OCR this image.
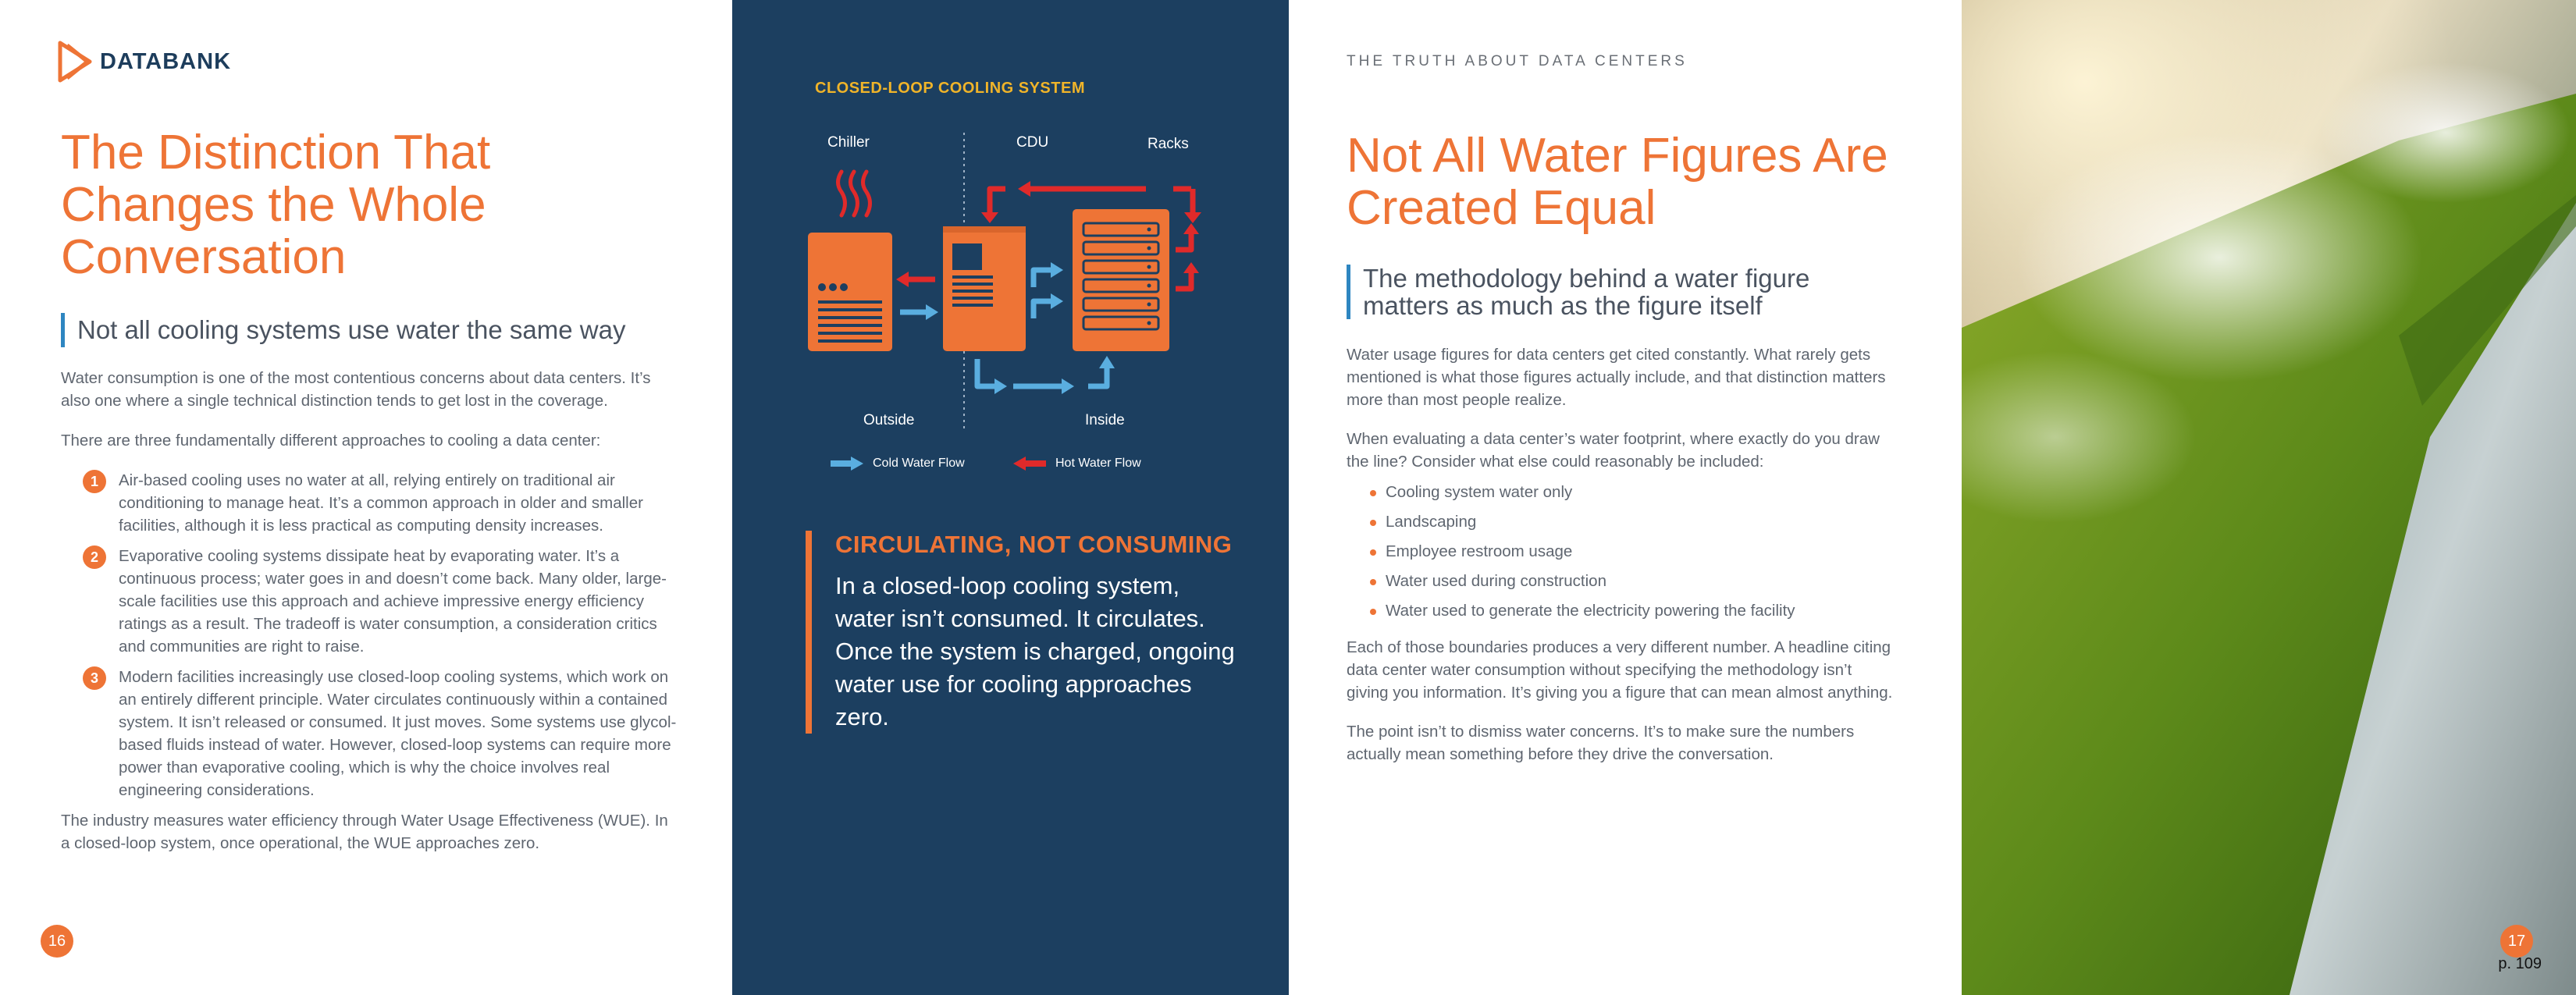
DATABANK
The Distinction That Changes the Whole Conversation
Not all cooling systems use water the same way

Water consumption is one of the most contentious concerns about data centers. It’s also one where a single technical distinction tends to get lost in the coverage.

There are three fundamentally different approaches to cooling a data center:

1	Air-based cooling uses no water at all, relying entirely on traditional air conditioning to manage heat. It’s a common approach in older and smaller facilities, although it is less practical as computing density increases.
2	Evaporative cooling systems dissipate heat by evaporating water. It’s a continuous process; water goes in and doesn’t come back. Many older, large-scale facilities use this approach and achieve impressive energy efficiency ratings as a result. The tradeoff is water consumption, a consideration critics and communities are right to raise.
3	Modern facilities increasingly use closed-loop cooling systems, which work on an entirely different principle. Water circulates continuously within a contained system. It isn’t released or consumed. It just moves. Some systems use glycol-based fluids instead of water. However, closed-loop systems can require more power than evaporative cooling, which is why the choice involves real engineering considerations.

The industry measures water efficiency through Water Usage Effectiveness (WUE). In a closed-loop system, once operational, the WUE approaches zero.

16
CLOSED-LOOP COOLING SYSTEM
Chiller	CDU	Racks
Outside	Inside
Cold Water Flow	Hot Water Flow
CIRCULATING, NOT CONSUMING
In a closed-loop cooling system, water isn’t consumed. It circulates. Once the system is charged, ongoing water use for cooling approaches zero.
THE TRUTH ABOUT DATA CENTERS
Not All Water Figures Are Created Equal
The methodology behind a water figure matters as much as the figure itself

Water usage figures for data centers get cited constantly. What rarely gets mentioned is what those figures actually include, and that distinction matters more than most people realize.

When evaluating a data center’s water footprint, where exactly do you draw the line? Consider what else could reasonably be included:

Cooling system water only
Landscaping
Employee restroom usage
Water used during construction
Water used to generate the electricity powering the facility

Each of those boundaries produces a very different number. A headline citing data center water consumption without specifying the methodology isn’t giving you information. It’s giving you a figure that can mean almost anything.

The point isn’t to dismiss water concerns. It’s to make sure the numbers actually mean something before they drive the conversation.

17
p. 109
